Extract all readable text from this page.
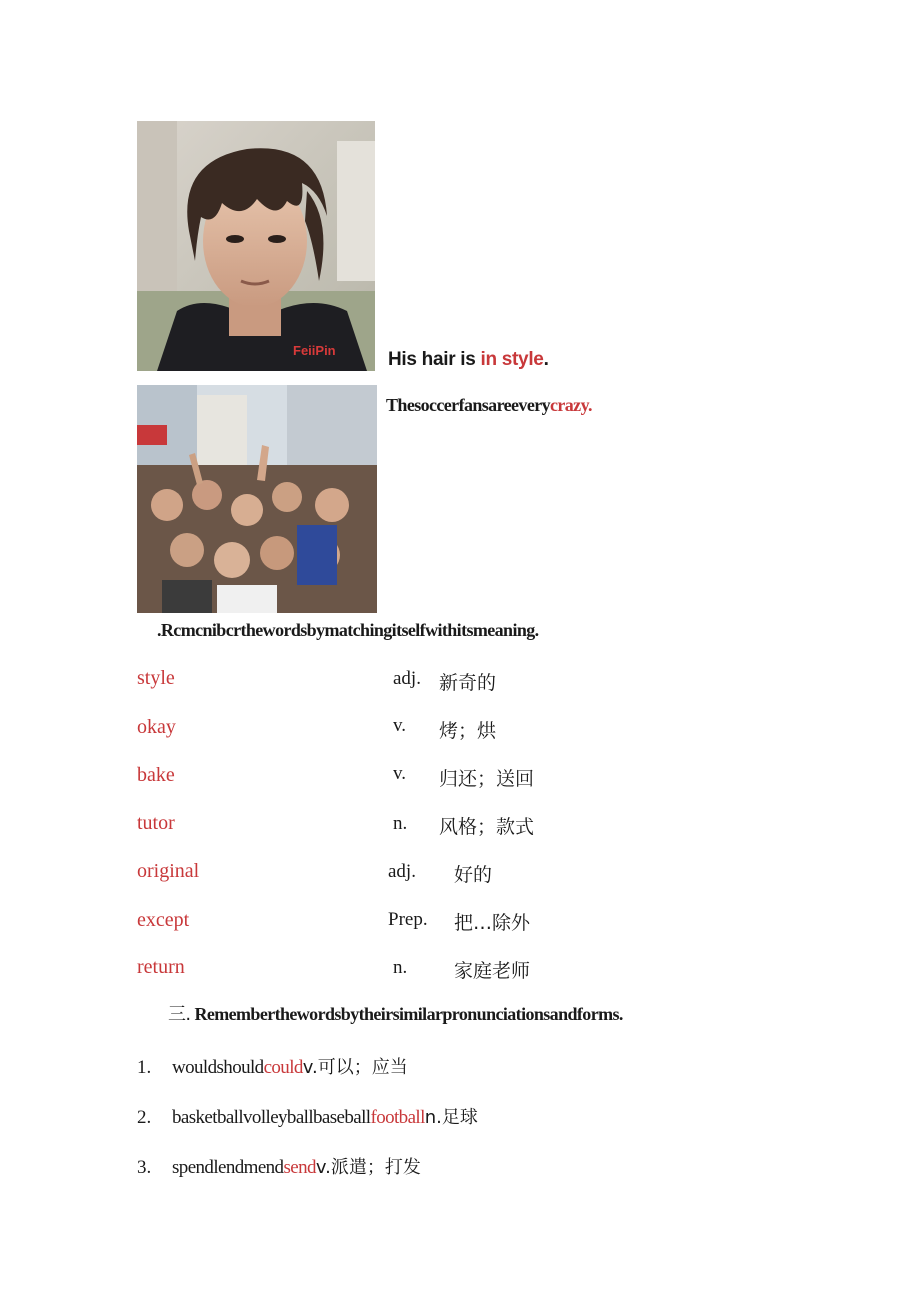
FeiiPin	His hair is in style.
Thesoccerfansareeverycrazy.
.Rcmcnibcrthewordsbymatchingitselfwithitsmeaning.
style
okay
bake
tutor
original
except
return
adj. 新奇的
v. 烤；烘
v. 归还；送回
n. 风格；款式
adj. 好的
Prep. 把…除外
n. 家庭老师
三. Rememberthewordsbytheirsimilarpronunciationsandforms.
1. wouldshouldcouldv.可以；应当
2. basketballvolleyballbaseballfootballn.足球
3. spendlendmendsendv.派遣；打发
